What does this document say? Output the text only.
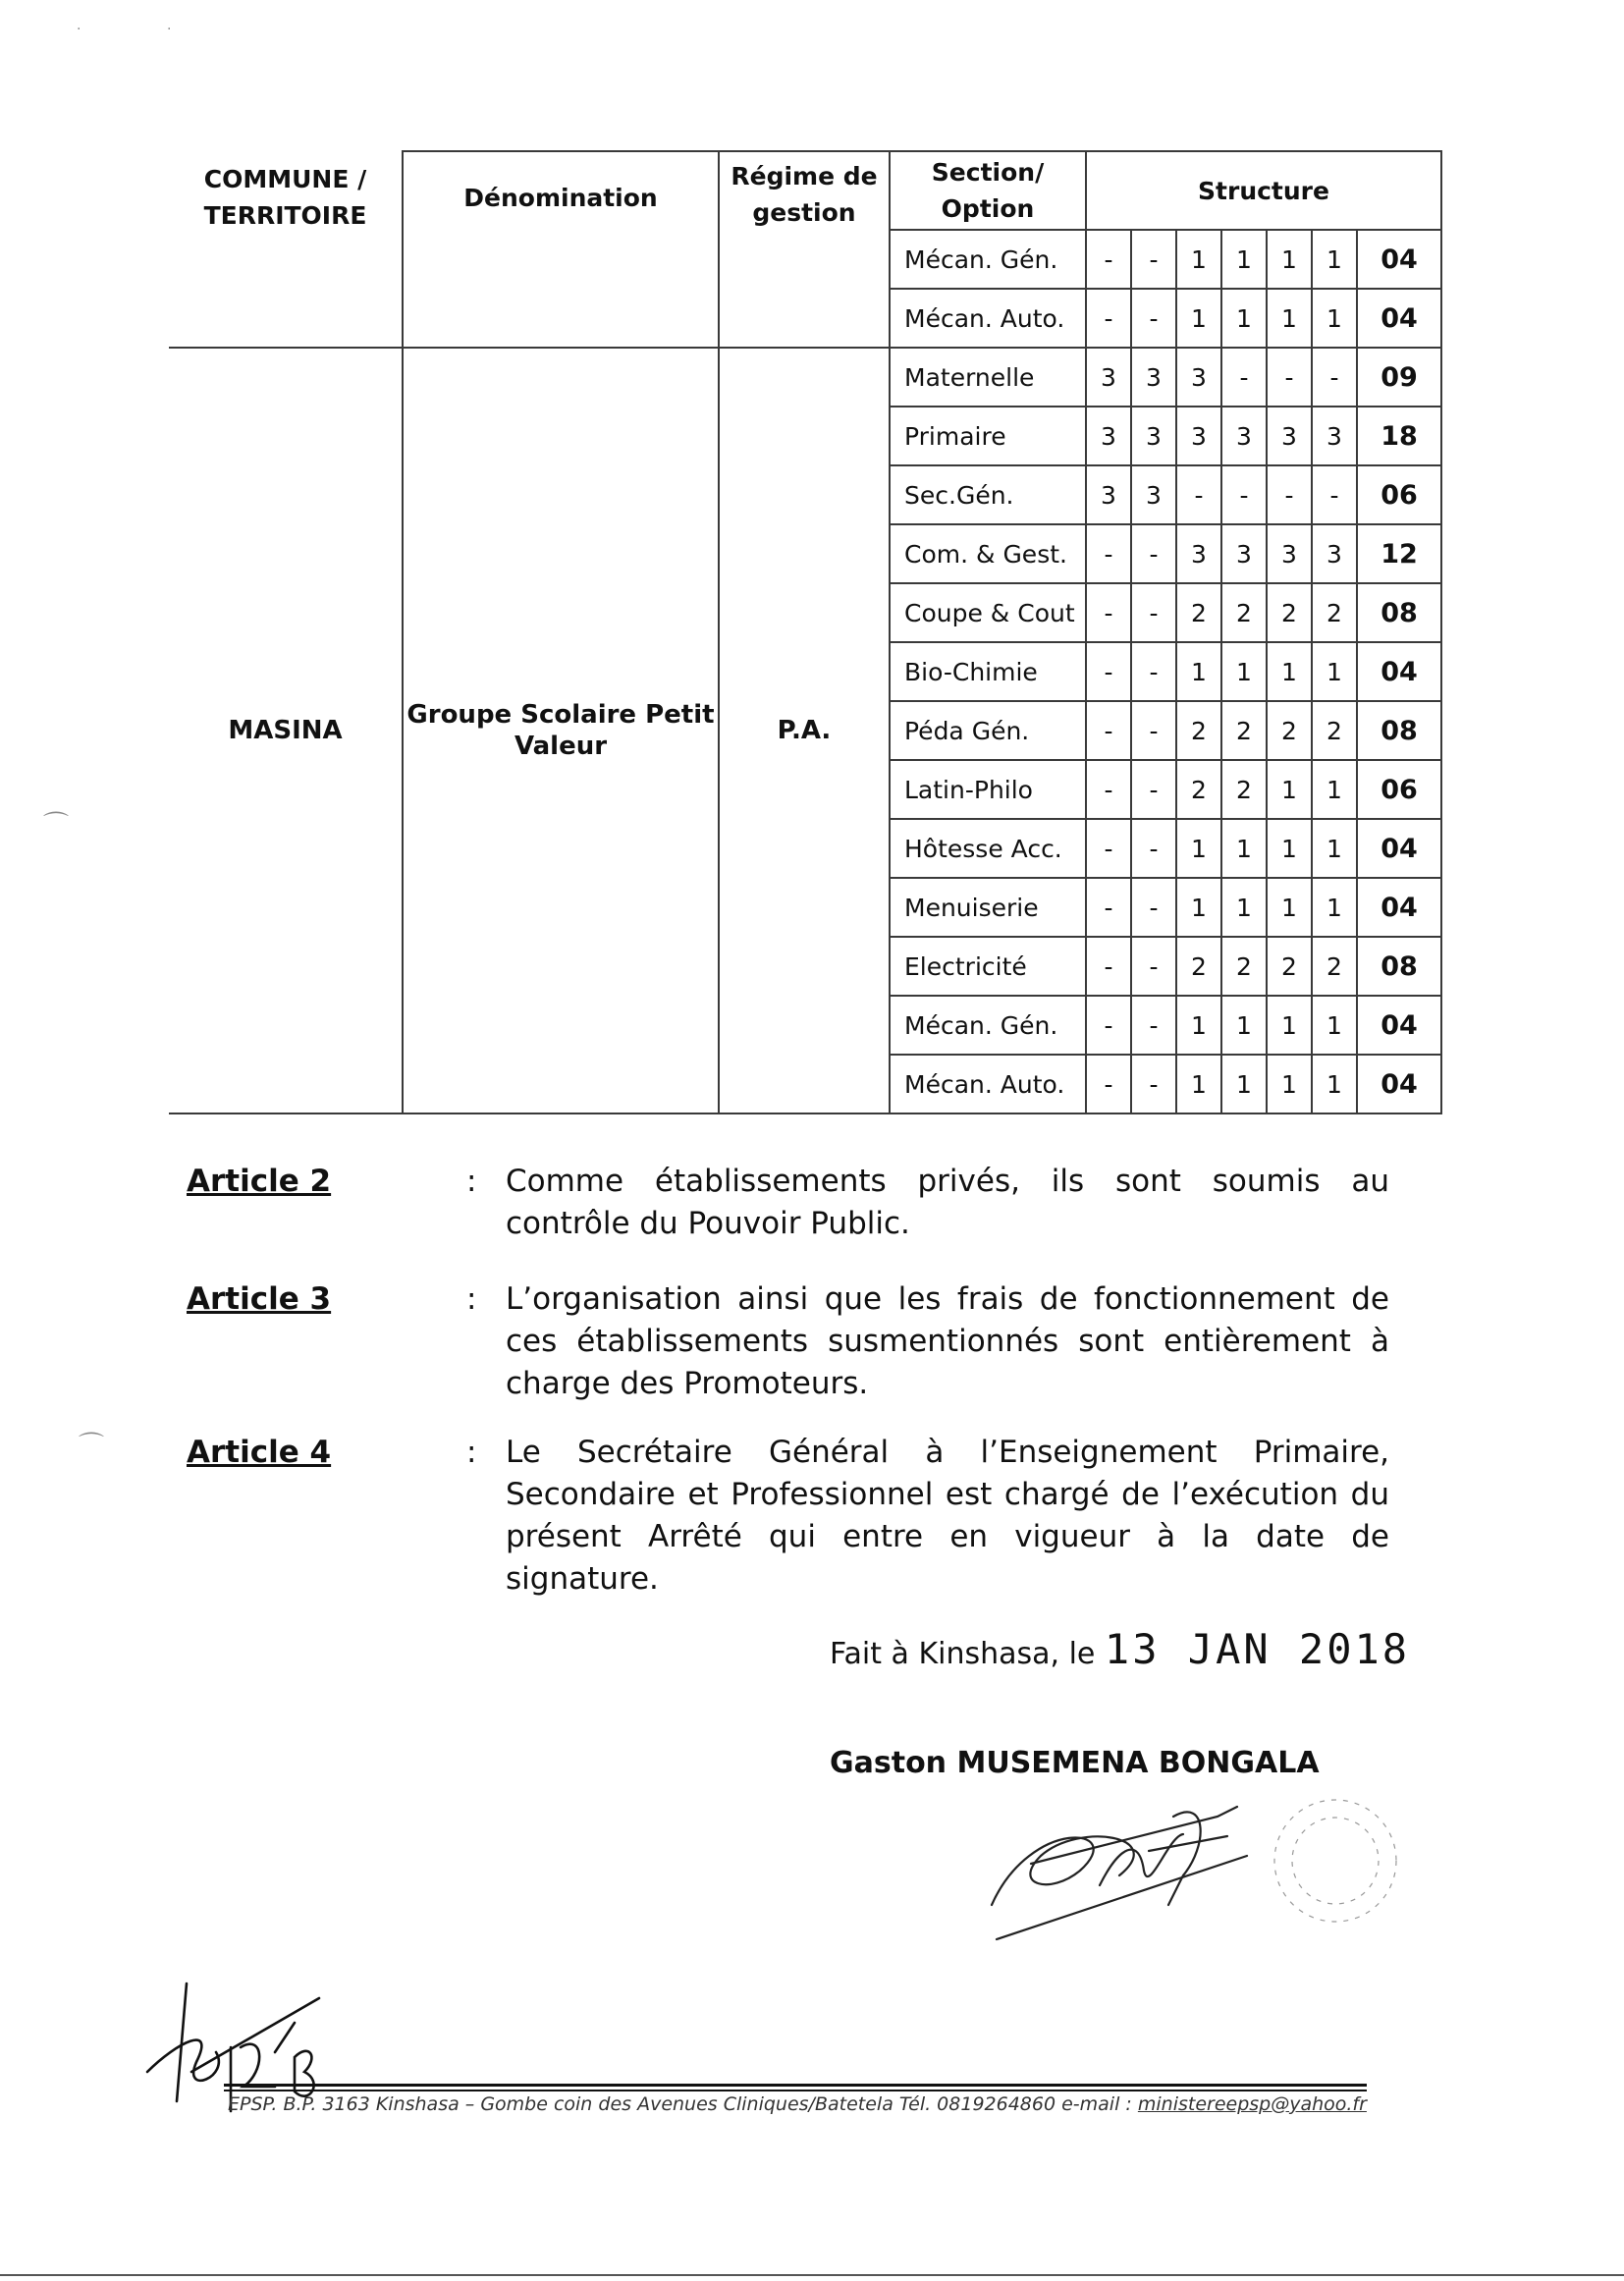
·	·
⌒
⌒
COMMUNE / TERRITOIRE	Dénomination	Régime de gestion	Section/ Option	Structure						
			Mécan. Gén.	-	-	1	1	1	1	04
			Mécan. Auto.	-	-	1	1	1	1	04
MASINA	Groupe Scolaire Petit Valeur	P.A.	Maternelle	3	3	3	-	-	-	09
			Primaire	3	3	3	3	3	3	18
			Sec.Gén.	3	3	-	-	-	-	06
			Com. & Gest.	-	-	3	3	3	3	12
			Coupe & Cout	-	-	2	2	2	2	08
			Bio-Chimie	-	-	1	1	1	1	04
			Péda Gén.	-	-	2	2	2	2	08
			Latin-Philo	-	-	2	2	1	1	06
			Hôtesse Acc.	-	-	1	1	1	1	04
			Menuiserie	-	-	1	1	1	1	04
			Electricité	-	-	2	2	2	2	08
			Mécan. Gén.	-	-	1	1	1	1	04
			Mécan. Auto.	-	-	1	1	1	1	04
Article 2	: Comme établissements privés, ils sont soumis au contrôle du Pouvoir Public.
Article 3	: L’organisation ainsi que les frais de fonctionnement de ces établissements susmentionnés sont entièrement à charge des Promoteurs.
Article 4	: Le Secrétaire Général à l’Enseignement Primaire, Secondaire et Professionnel est chargé de l’exécution du présent Arrêté qui entre en vigueur à la date de signature.
Fait à Kinshasa, le 13 JAN 2018
Gaston MUSEMENA BONGALA
EPSP. B.P. 3163 Kinshasa – Gombe coin des Avenues Cliniques/Batetela Tél. 0819264860 e-mail : ministereepsp@yahoo.fr
